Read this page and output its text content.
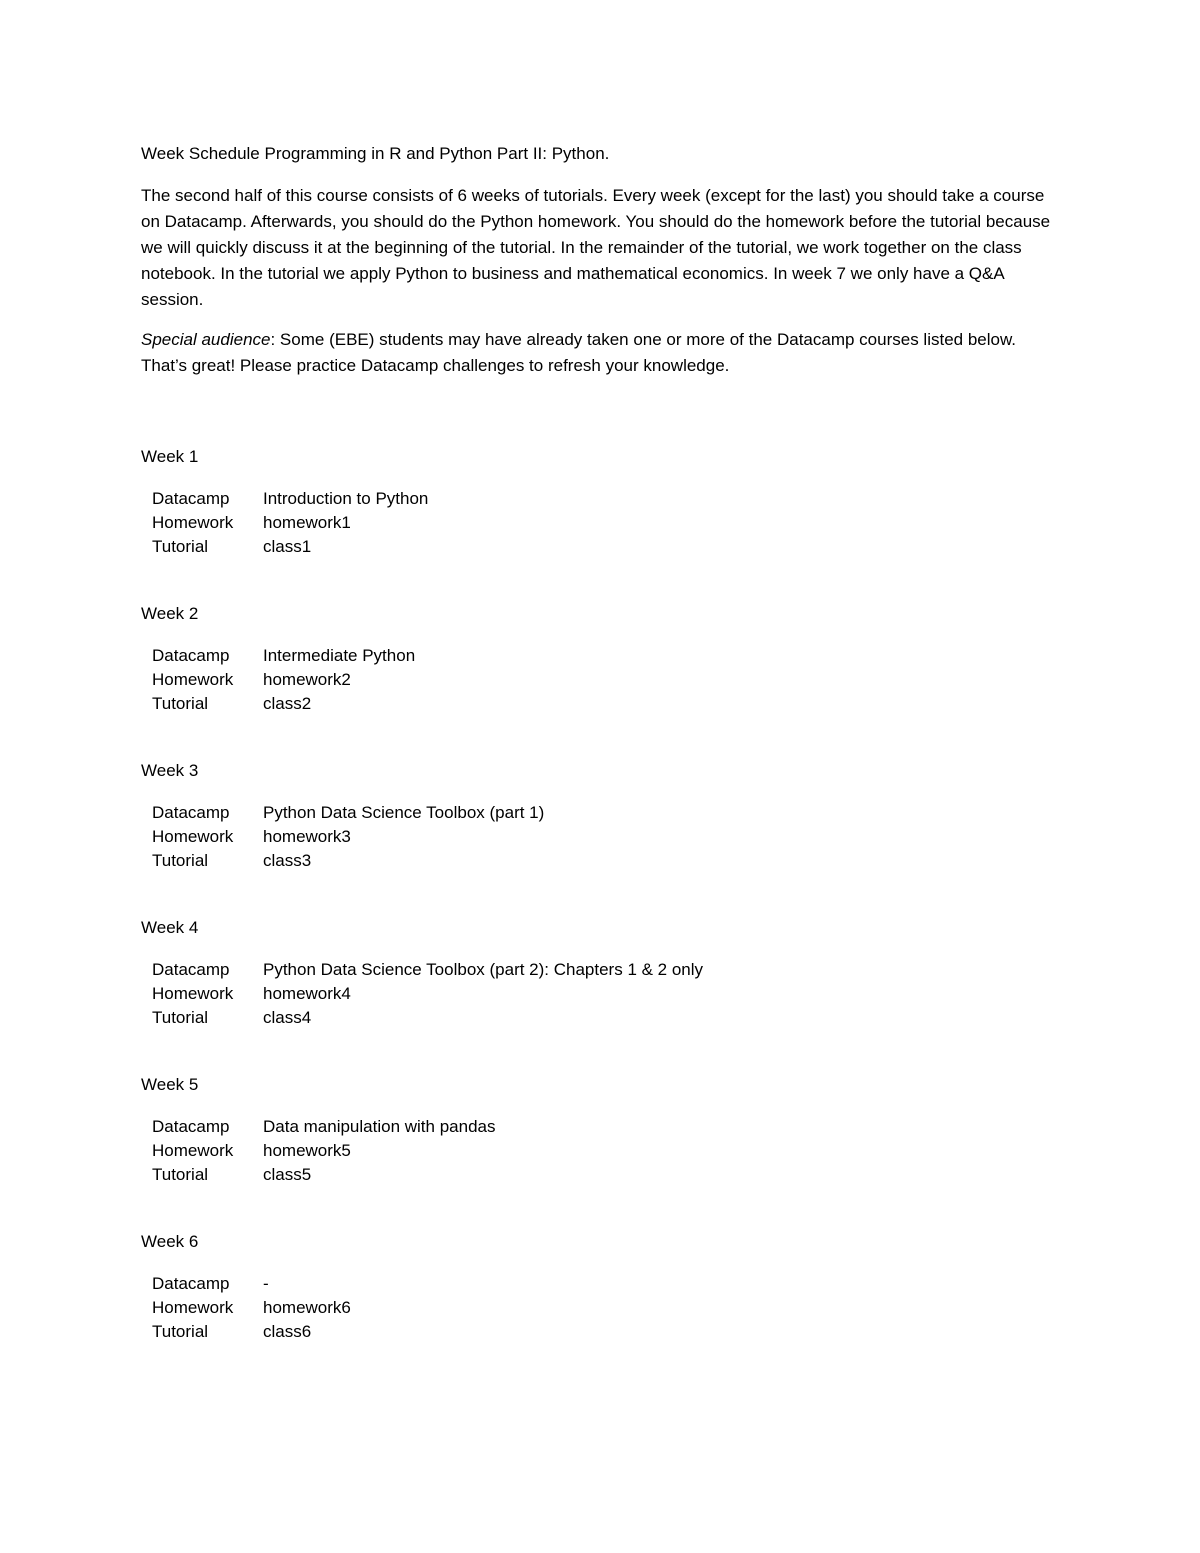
Week Schedule Programming in R and Python Part II: Python.
The second half of this course consists of 6 weeks of tutorials. Every week (except for the last) you should take a course on Datacamp. Afterwards, you should do the Python homework. You should do the homework before the tutorial because we will quickly discuss it at the beginning of the tutorial. In the remainder of the tutorial, we work together on the class notebook. In the tutorial we apply Python to business and mathematical economics. In week 7 we only have a Q&A session.
Special audience: Some (EBE) students may have already taken one or more of the Datacamp courses listed below. That’s great! Please practice Datacamp challenges to refresh your knowledge.
Week 1
Datacamp	Introduction to Python
Homework	homework1
Tutorial	class1
Week 2
Datacamp	Intermediate Python
Homework	homework2
Tutorial	class2
Week 3
Datacamp	Python Data Science Toolbox (part 1)
Homework	homework3
Tutorial	class3
Week 4
Datacamp	Python Data Science Toolbox (part 2): Chapters 1 & 2 only
Homework	homework4
Tutorial	class4
Week 5
Datacamp	Data manipulation with pandas
Homework	homework5
Tutorial	class5
Week 6
Datacamp	-
Homework	homework6
Tutorial	class6
